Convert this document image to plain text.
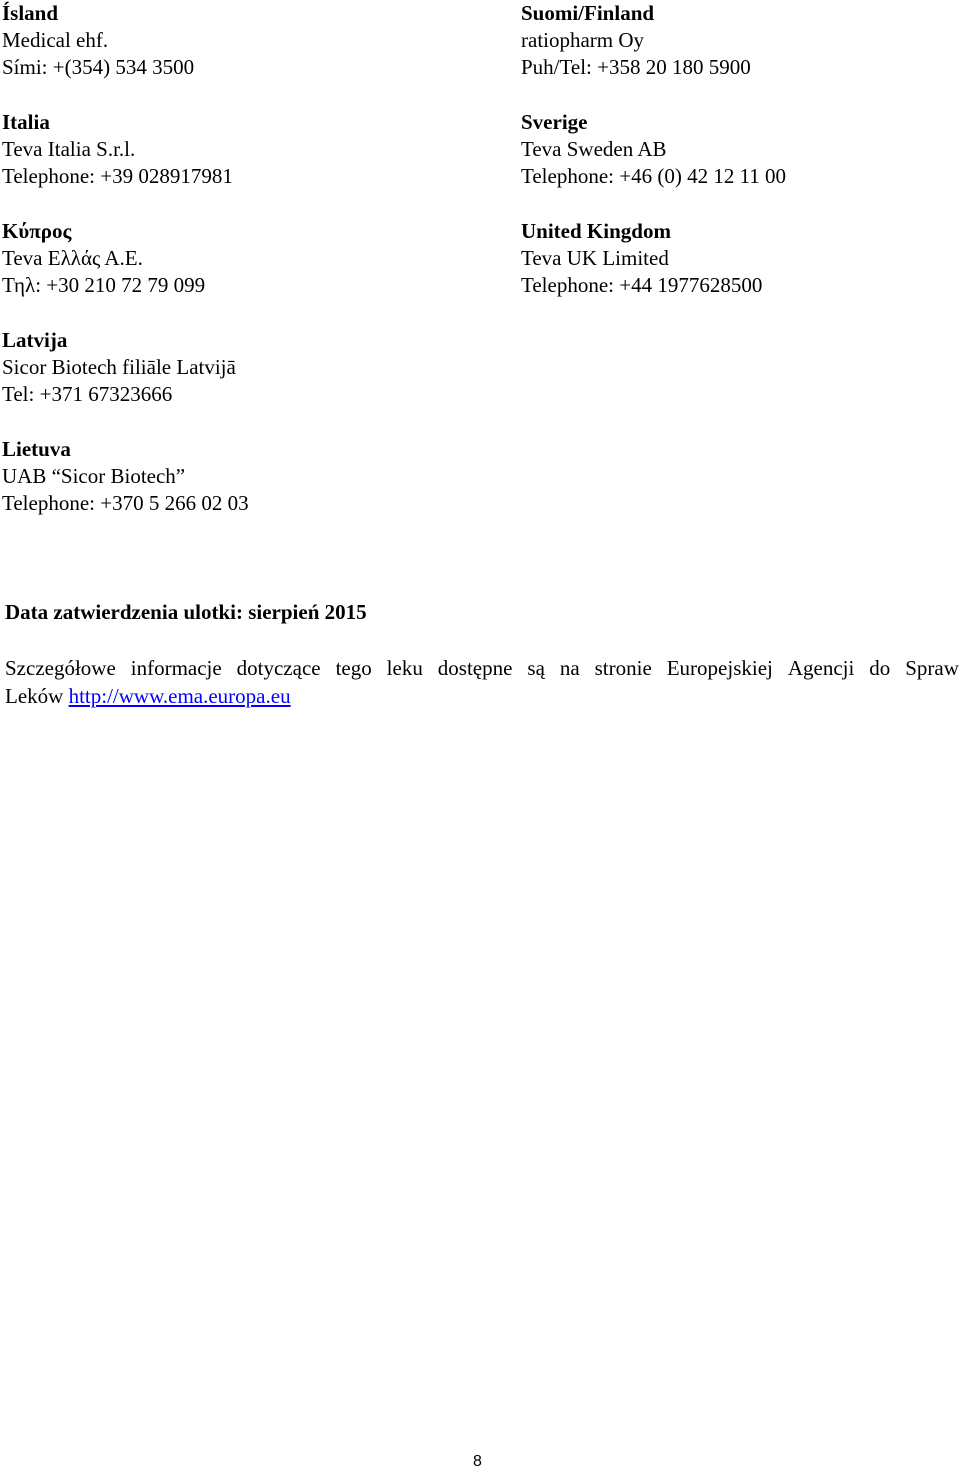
Ísland
Medical ehf.
Sími: +(354) 534 3500
Italia
Teva Italia S.r.l.
Telephone: +39 028917981
Κύπρος
Teva Ελλάς Α.Ε.
Τηλ: +30 210 72 79 099
Latvija
Sicor Biotech filiāle Latvijā
Tel: +371 67323666
Lietuva
UAB “Sicor Biotech”
Telephone: +370 5 266 02 03
Suomi/Finland
ratiopharm Oy
Puh/Tel: +358 20 180 5900
Sverige
Teva Sweden AB
Telephone: +46 (0) 42 12 11 00
United Kingdom
Teva UK Limited
Telephone: +44 1977628500
Data zatwierdzenia ulotki: sierpień 2015
Szczegółowe informacje dotyczące tego leku dostępne są na stronie Europejskiej Agencji do Spraw
Leków http://www.ema.europa.eu
8
